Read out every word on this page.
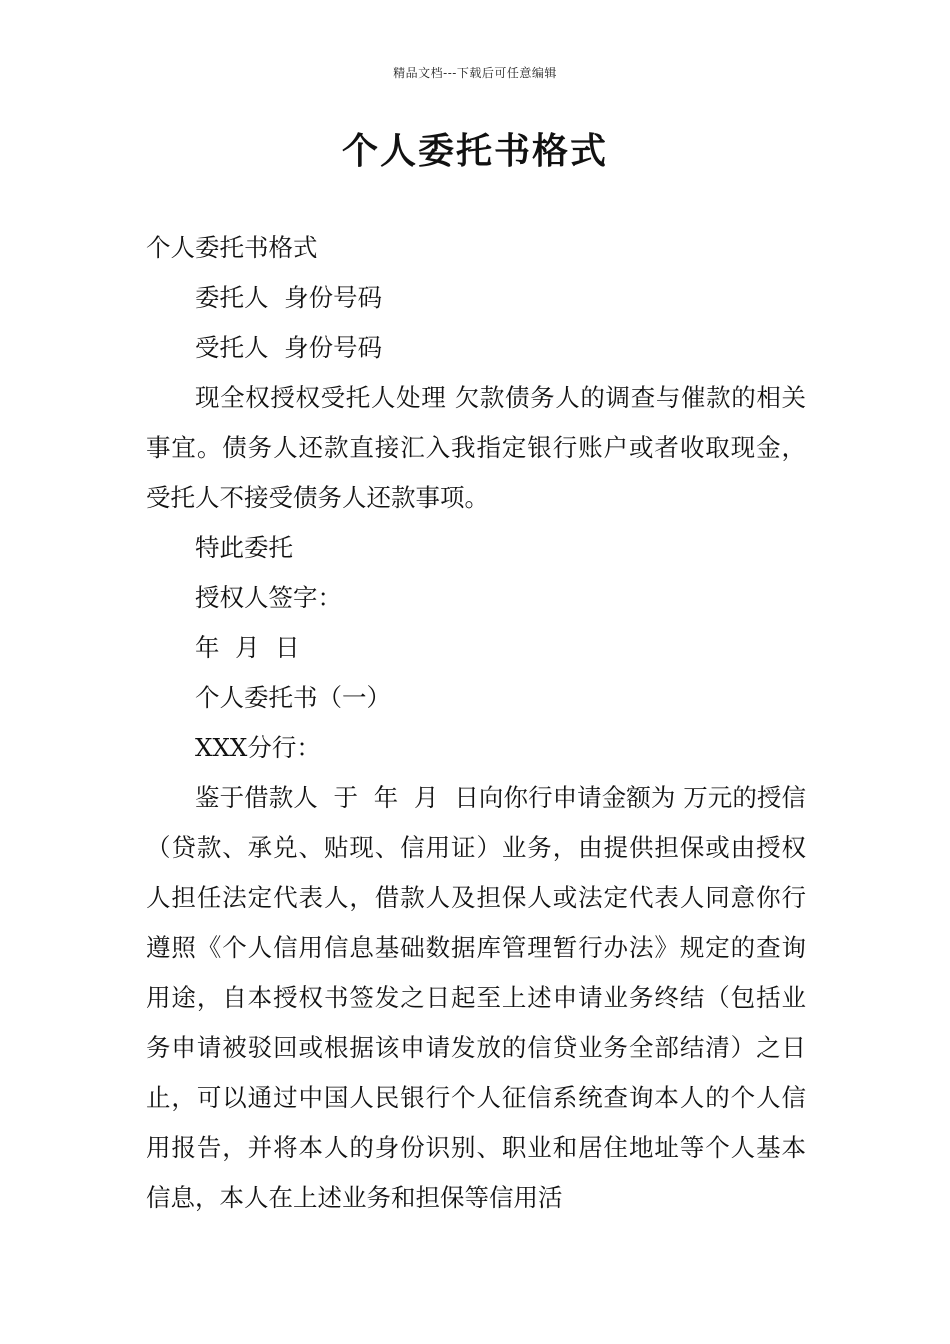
精品文档---下载后可任意编辑
个人委托书格式

个人委托书格式

委托人  身份号码

受托人  身份号码

现全权授权受托人处理 欠款债务人的调查与催款的相关事宜。债务人还款直接汇入我指定银行账户或者收取现金，受托人不接受债务人还款事项。

特此委托

授权人签字：

年  月  日

个人委托书（一）

XXX分行：

鉴于借款人  于  年  月  日向你行申请金额为 万元的授信（贷款、承兑、贴现、信用证）业务，由提供担保或由授权人担任法定代表人，借款人及担保人或法定代表人同意你行遵照《个人信用信息基础数据库管理暂行办法》规定的查询用途，自本授权书签发之日起至上述申请业务终结（包括业务申请被驳回或根据该申请发放的信贷业务全部结清）之日止，可以通过中国人民银行个人征信系统查询本人的个人信用报告，并将本人的身份识别、职业和居住地址等个人基本信息，本人在上述业务和担保等信用活
